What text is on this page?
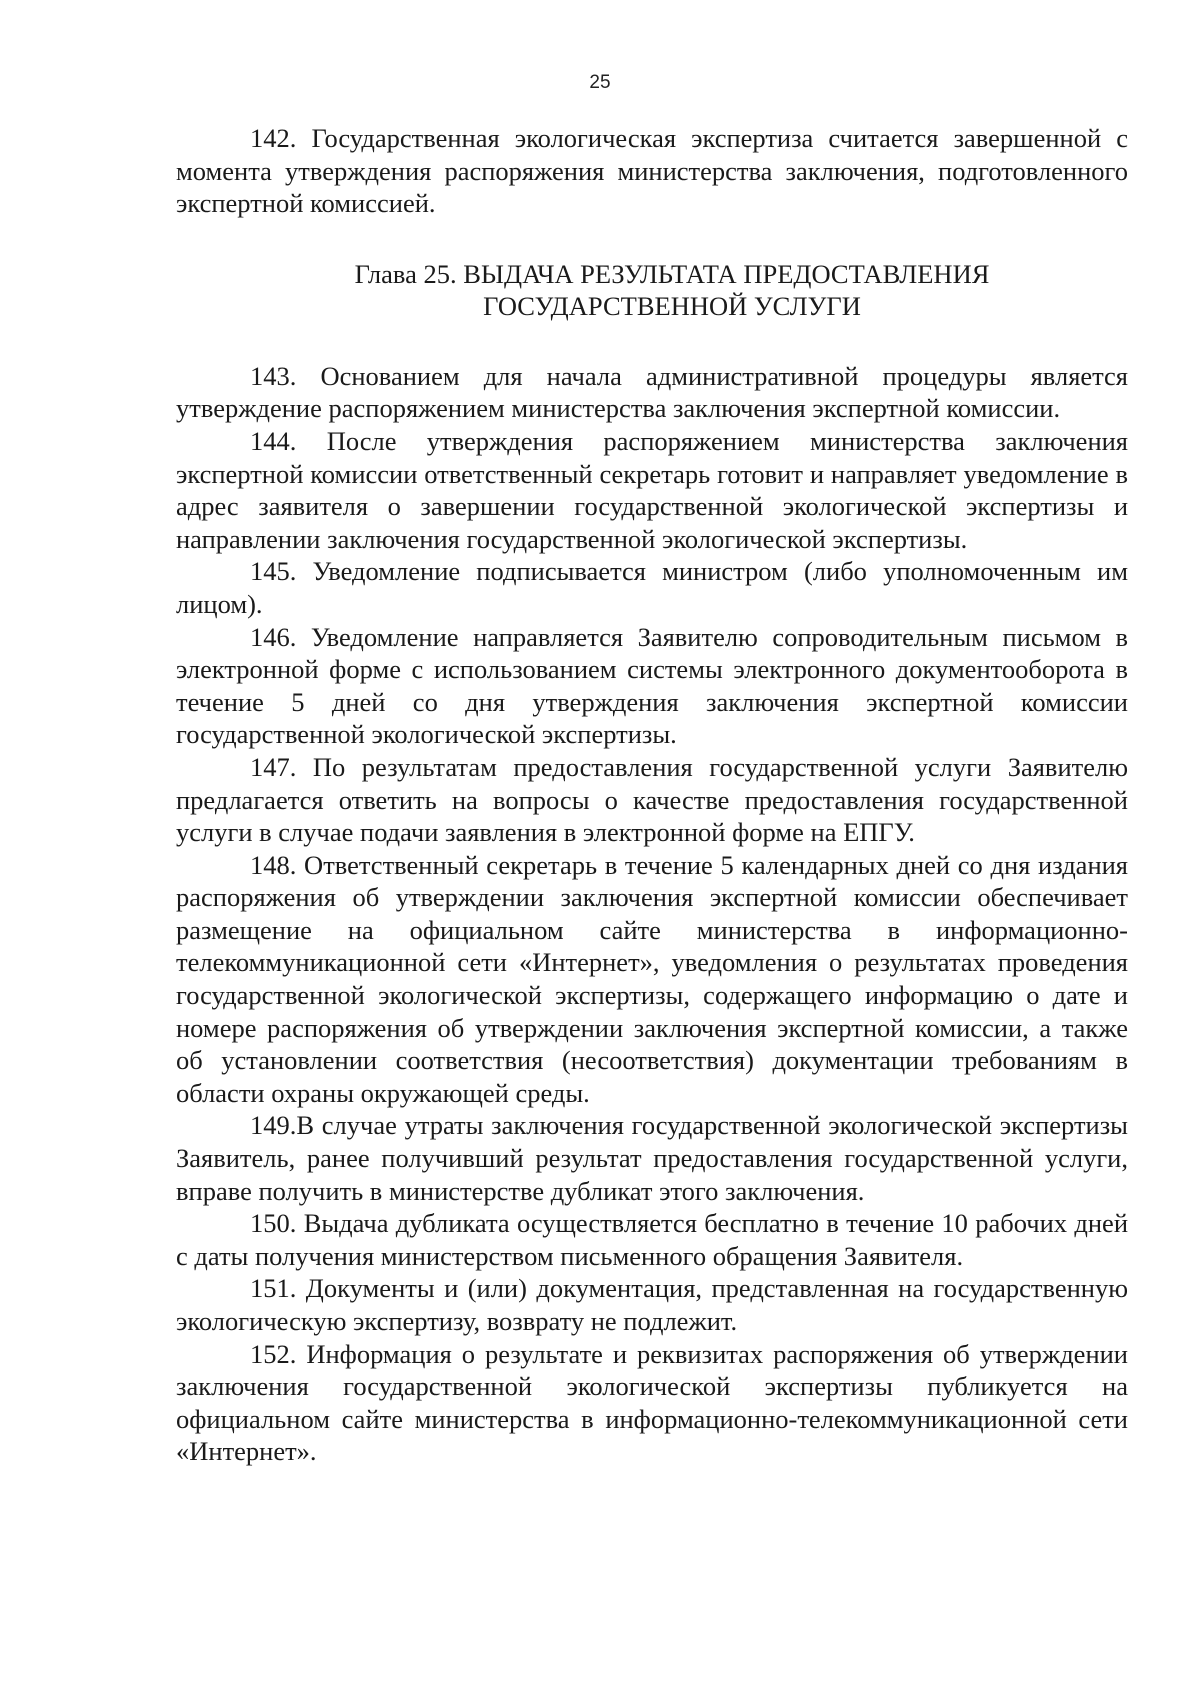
25

142. Государственная экологическая экспертиза считается завершенной с момента утверждения распоряжения министерства заключения, подготовленного экспертной комиссией.

Глава 25. ВЫДАЧА РЕЗУЛЬТАТА ПРЕДОСТАВЛЕНИЯ
ГОСУДАРСТВЕННОЙ УСЛУГИ

143. Основанием для начала административной процедуры является утверждение распоряжением министерства заключения экспертной комиссии.

144. После утверждения распоряжением министерства заключения экспертной комиссии ответственный секретарь готовит и направляет уведомление в адрес заявителя о завершении государственной экологической экспертизы и направлении заключения государственной экологической экспертизы.

145. Уведомление подписывается министром (либо уполномоченным им лицом).

146. Уведомление направляется Заявителю сопроводительным письмом в электронной форме с использованием системы электронного документооборота в течение 5 дней со дня утверждения заключения экспертной комиссии государственной экологической экспертизы.

147. По результатам предоставления государственной услуги Заявителю предлагается ответить на вопросы о качестве предоставления государственной услуги в случае подачи заявления в электронной форме на ЕПГУ.

148. Ответственный секретарь в течение 5 календарных дней со дня издания распоряжения об утверждении заключения экспертной комиссии обеспечивает размещение на официальном сайте министерства в информационно-телекоммуникационной сети «Интернет», уведомления о результатах проведения государственной экологической экспертизы, содержащего информацию о дате и номере распоряжения об утверждении заключения экспертной комиссии, а также об установлении соответствия (несоответствия) документации требованиям в области охраны окружающей среды.

149.В случае утраты заключения государственной экологической экспертизы Заявитель, ранее получивший результат предоставления государственной услуги, вправе получить в министерстве дубликат этого заключения.

150. Выдача дубликата осуществляется бесплатно в течение 10 рабочих дней с даты получения министерством письменного обращения Заявителя.

151. Документы и (или) документация, представленная на государственную экологическую экспертизу, возврату не подлежит.

152. Информация о результате и реквизитах распоряжения об утверждении заключения государственной экологической экспертизы публикуется на официальном сайте министерства в информационно-телекоммуникационной сети «Интернет».
